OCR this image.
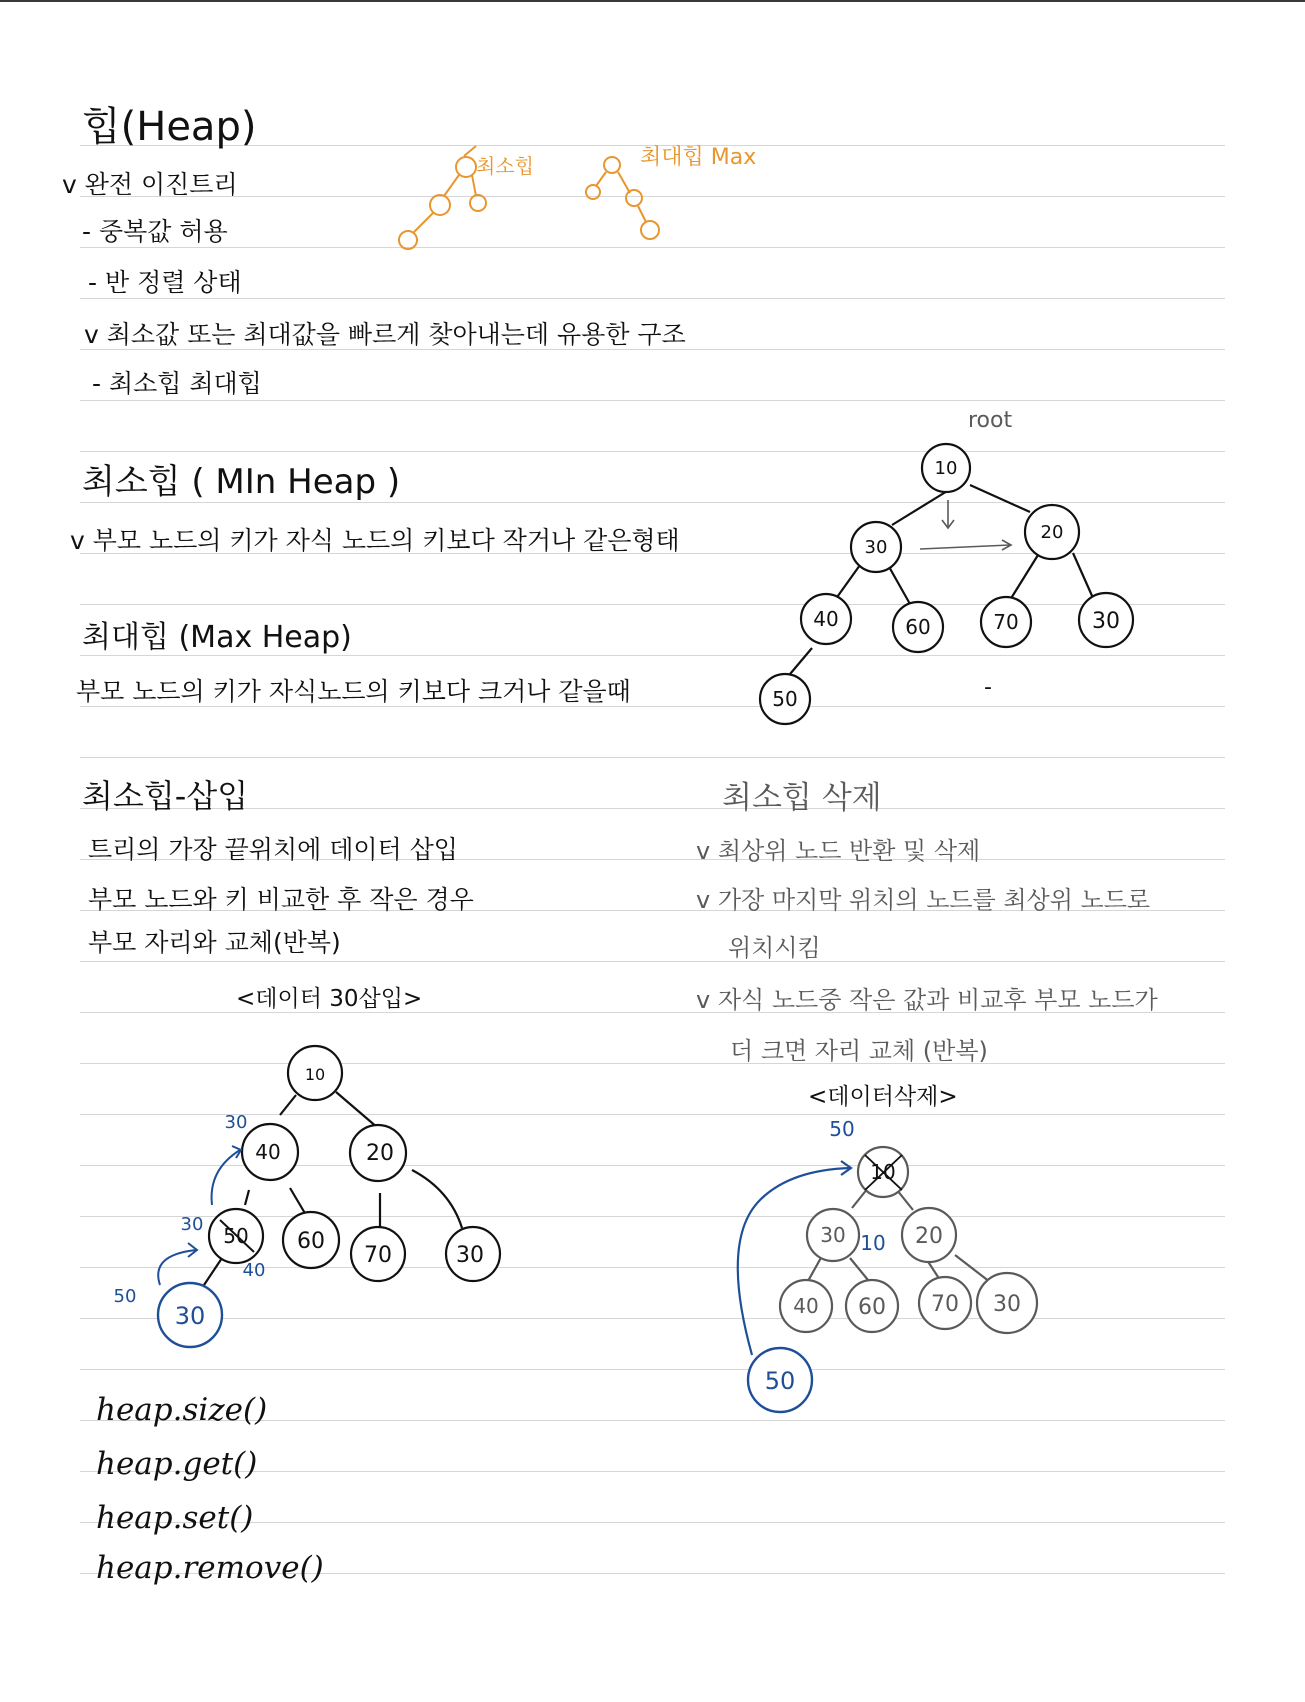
힙(Heap)
v 완전 이진트리
- 중복값 허용
- 반 정렬 상태
v 최소값 또는 최대값을 빠르게 찾아내는데 유용한 구조
- 최소힙 최대힙
최소힙	최대힙 Max
최소힙 ( MIn Heap )
v 부모 노드의 키가 자식 노드의 키보다 작거나 같은형태
최대힙 (Max Heap)
부모 노드의 키가 자식노드의 키보다 크거나 같을때
root
-
10
30
20
40	60	70	30
50
최소힙-삽입
트리의 가장 끝위치에 데이터 삽입
부모 노드와 키 비교한 후 작은 경우
부모 자리와 교체(반복)
<데이터 30삽입>
10
40	20
50 60
70	30
30
30
30
40
50
최소힙 삭제
v 최상위 노드 반환 및 삭제
v 가장 마지막 위치의 노드를 최상위 노드로
위치시킴
v 자식 노드중 작은 값과 비교후 부모 노드가
더 크면 자리 교체 (반복)
<데이터삭제>
10
30	20
40 60 70 30
50
50
10
heap.size()
heap.get()
heap.set()
heap.remove()
